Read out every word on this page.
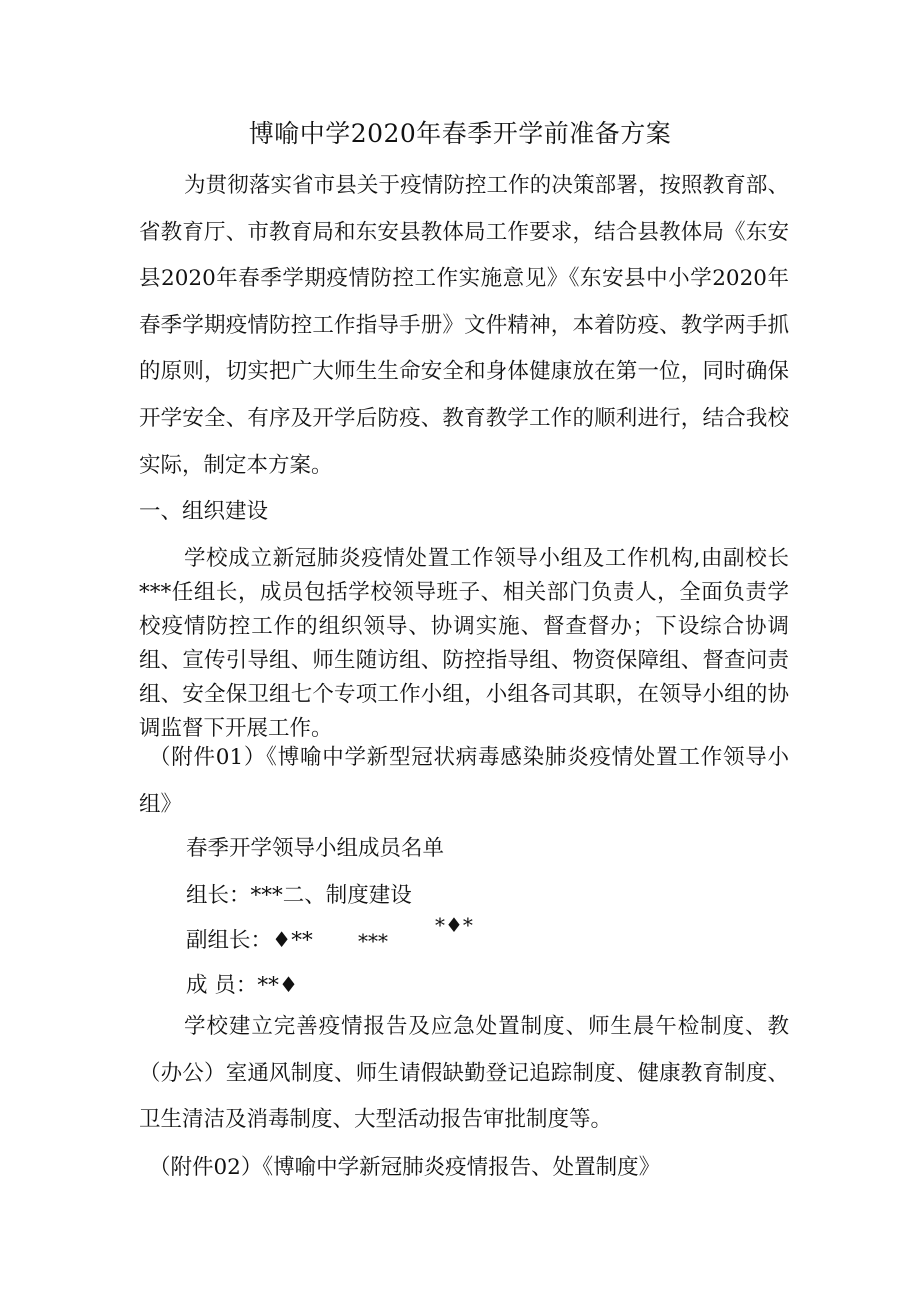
博喻中学2020年春季开学前准备方案

为贯彻落实省市县关于疫情防控工作的决策部署，按照教育部、省教育厅、市教育局和东安县教体局工作要求，结合县教体局《东安县2020年春季学期疫情防控工作实施意见》《东安县中小学2020年春季学期疫情防控工作指导手册》文件精神，本着防疫、教学两手抓的原则，切实把广大师生生命安全和身体健康放在第一位，同时确保开学安全、有序及开学后防疫、教育教学工作的顺利进行，结合我校实际，制定本方案。

一、组织建设

学校成立新冠肺炎疫情处置工作领导小组及工作机构,由副校长***任组长，成员包括学校领导班子、相关部门负责人，全面负责学校疫情防控工作的组织领导、协调实施、督查督办；下设综合协调组、宣传引导组、师生随访组、防控指导组、物资保障组、督查问责组、安全保卫组七个专项工作小组，小组各司其职，在领导小组的协调监督下开展工作。

（附件01）《博喻中学新型冠状病毒感染肺炎疫情处置工作领导小组》

春季开学领导小组成员名单

组长：***二、制度建设

副组长：♦** ***
*♦*

成 员：**♦

学校建立完善疫情报告及应急处置制度、师生晨午检制度、教（办公）室通风制度、师生请假缺勤登记追踪制度、健康教育制度、卫生清洁及消毒制度、大型活动报告审批制度等。

（附件02）《博喻中学新冠肺炎疫情报告、处置制度》
